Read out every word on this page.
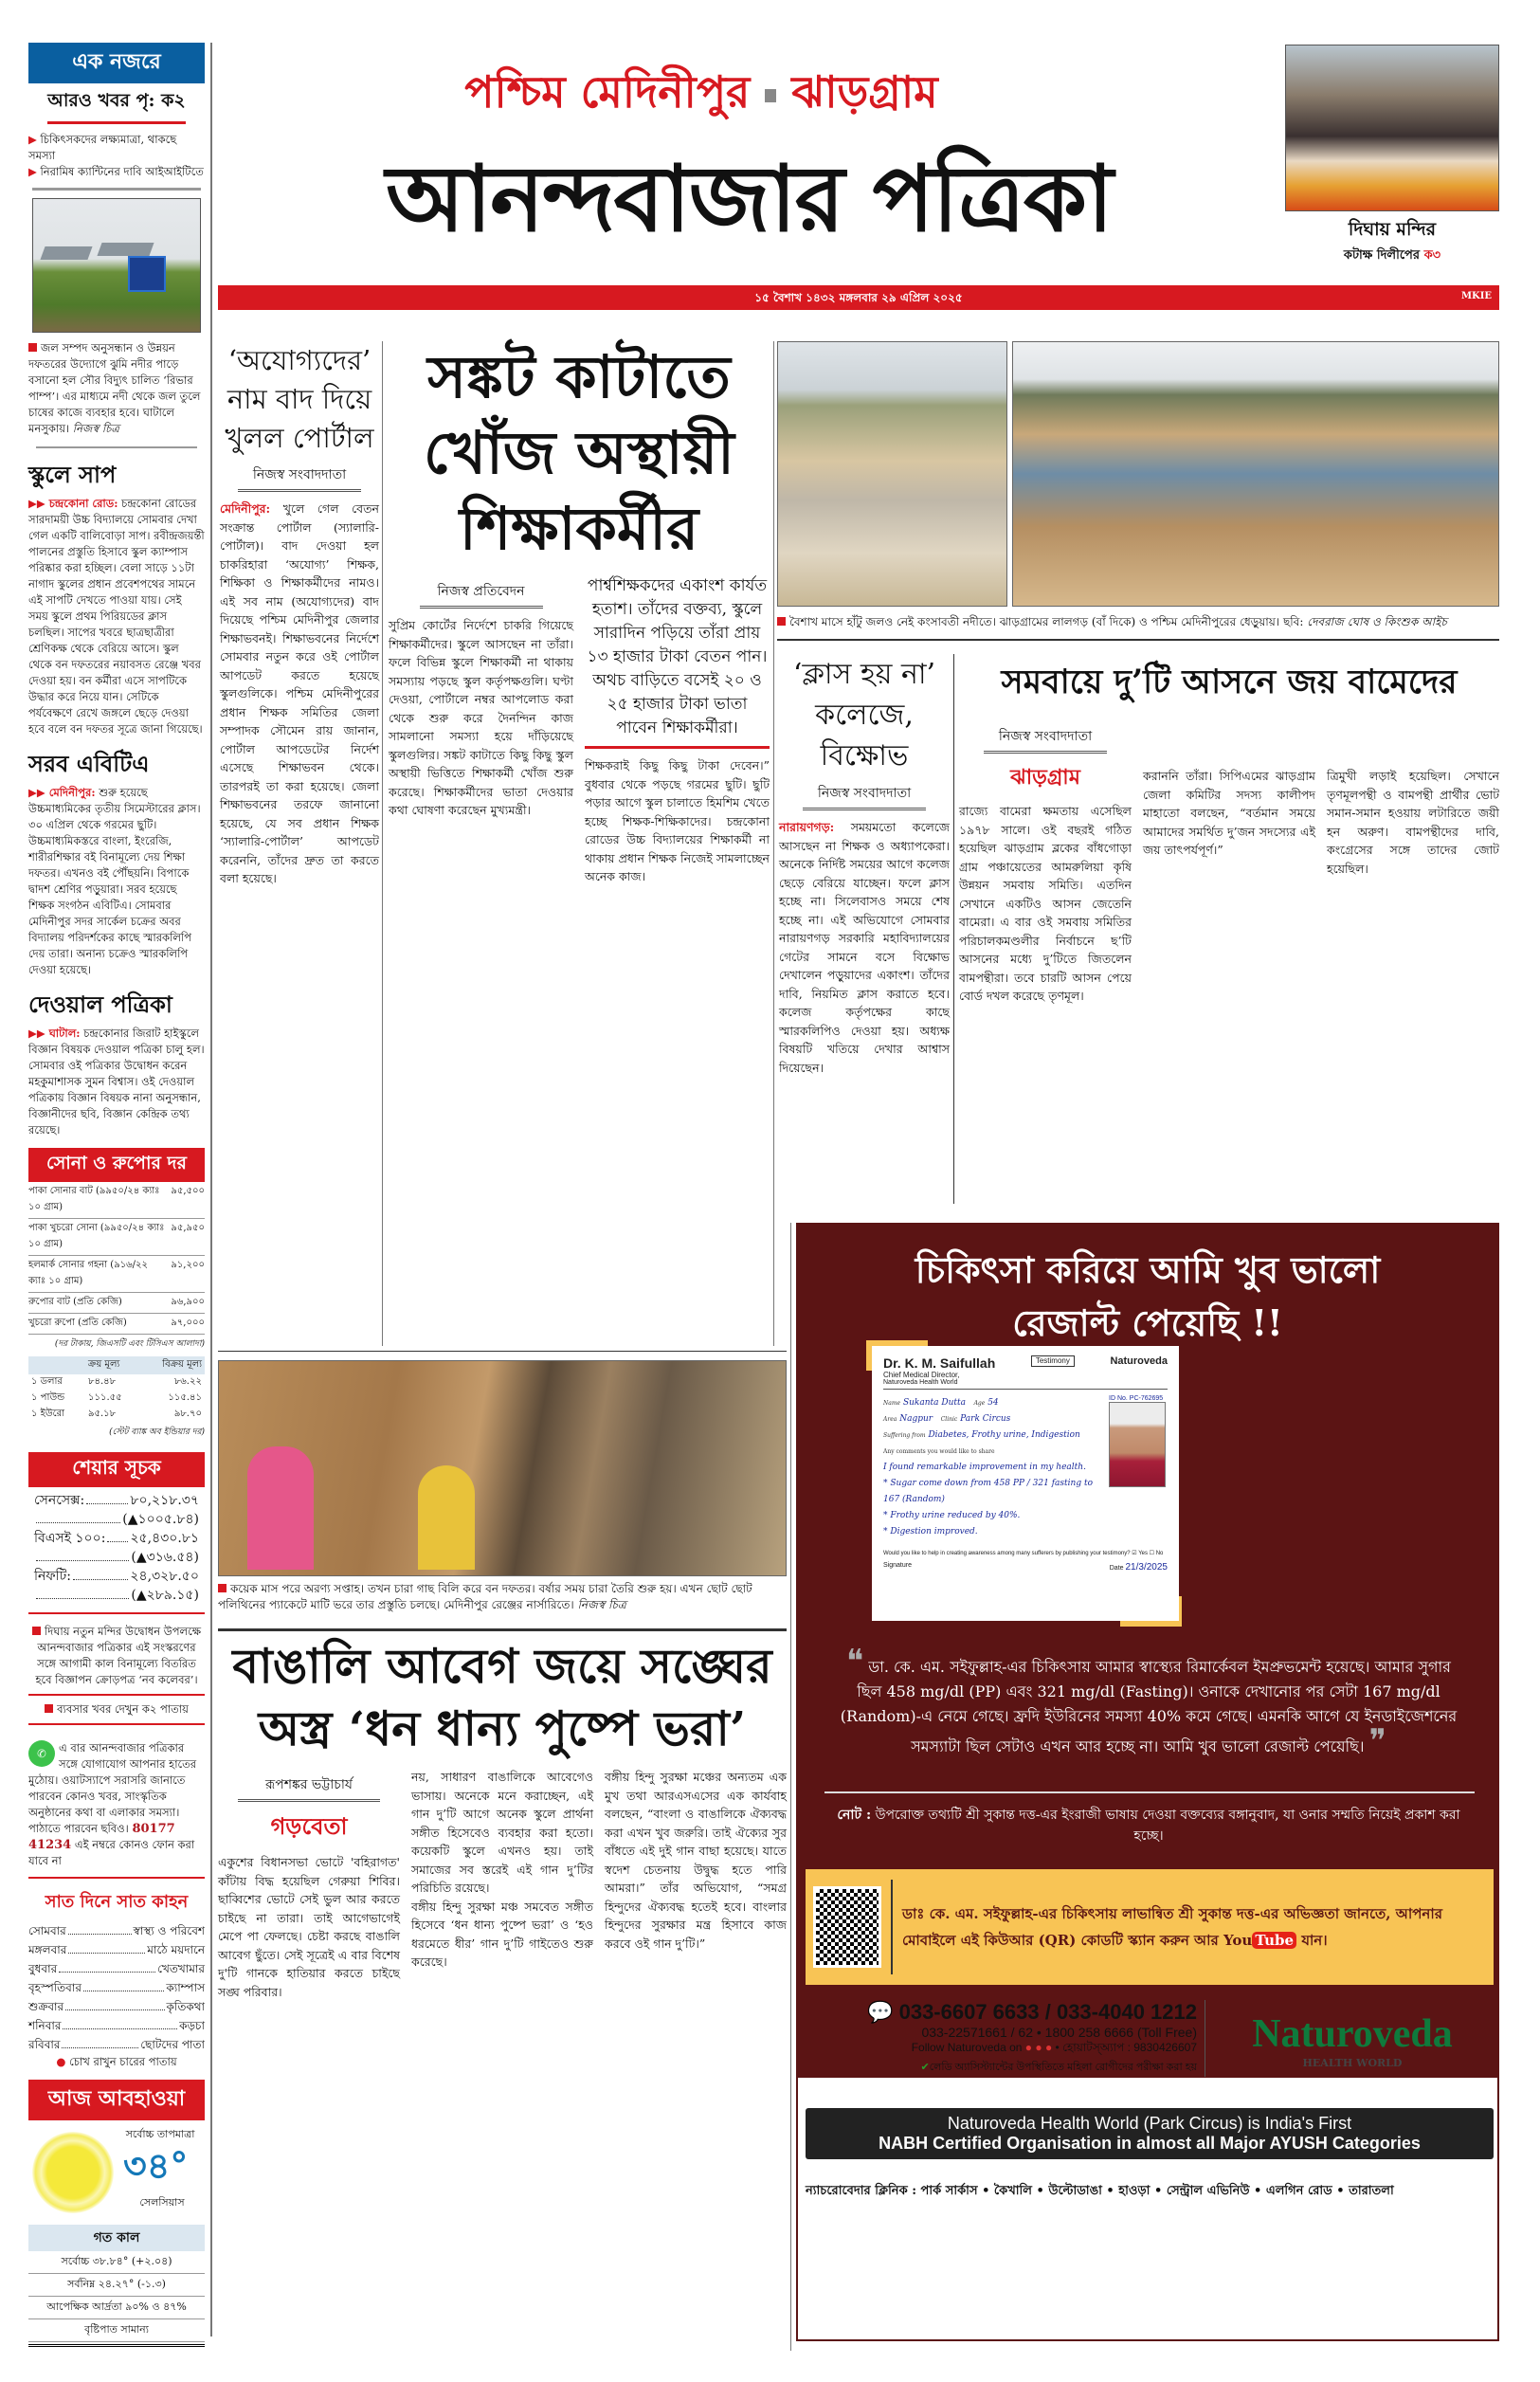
এক নজরে
আরও খবর পৃ: ক২
▶ চিকিৎসকদের লক্ষ্যমাত্রা, থাকছে সমস্যা
▶ নিরামিষ ক্যান্টিনের দাবি আইআইটিতে
জল সম্পদ অনুসন্ধান ও উন্নয়ন দফতরের উদ্যোগে ঝুমি নদীর পাড়ে বসানো হল সৌর বিদ্যুৎ চালিত ‘রিভার পাম্প’। এর মাধ্যমে নদী থেকে জল তুলে চাষের কাজে ব্যবহার হবে। ঘাটালে মনসুকায়। নিজস্ব চিত্র
স্কুলে সাপ
▶▶ চন্দ্রকোনা রোড: চন্দ্রকোনা রোডের সারদাময়ী উচ্চ বিদ্যালয়ে সোমবার দেখা গেল একটি বালিবোড়া সাপ। রবীন্দ্রজয়ন্তী পালনের প্রস্তুতি হিসাবে স্কুল ক্যাম্পাস পরিষ্কার করা হচ্ছিল। বেলা সাড়ে ১১টা নাগাদ স্কুলের প্রধান প্রবেশপথের সামনে এই সাপটি দেখতে পাওয়া যায়। সেই সময় স্কুলে প্রথম পিরিয়ডের ক্লাস চলছিল। সাপের খবরে ছাত্রছাত্রীরা শ্রেণিকক্ষ থেকে বেরিয়ে আসে। স্কুল থেকে বন দফতরের নয়াবসত রেঞ্জে খবর দেওয়া হয়। বন কর্মীরা এসে সাপটিকে উদ্ধার করে নিয়ে যান। সেটিকে পর্যবেক্ষণে রেখে জঙ্গলে ছেড়ে দেওয়া হবে বলে বন দফতর সূত্রে জানা গিয়েছে।
সরব এবিটিএ
▶▶ মেদিনীপুর: শুরু হয়েছে উচ্চমাধ্যমিকের তৃতীয় সিমেস্টারের ক্লাস। ৩০ এপ্রিল থেকে গরমের ছুটি। উচ্চমাধ্যমিকস্তরে বাংলা, ইংরেজি, শারীরশিক্ষার বই বিনামূল্যে দেয় শিক্ষা দফতর। এখনও বই পৌঁছয়নি। বিপাকে দ্বাদশ শ্রেণির পড়ুয়ারা। সরব হয়েছে শিক্ষক সংগঠন এবিটিএ। সোমবার মেদিনীপুর সদর সার্কেল চক্রের অবর বিদ্যালয় পরিদর্শকের কাছে স্মারকলিপি দেয় তারা। অনান্য চক্রেও স্মারকলিপি দেওয়া হয়েছে।
দেওয়াল পত্রিকা
▶▶ ঘাটাল: চন্দ্রকোনার জিরাট হাইস্কুলে বিজ্ঞান বিষয়ক দেওয়াল পত্রিকা চালু হল। সোমবার ওই পত্রিকার উদ্বোধন করেন মহকুমাশাসক সুমন বিশ্বাস। ওই দেওয়াল পত্রিকায় বিজ্ঞান বিষয়ক নানা অনুসন্ধান, বিজ্ঞানীদের ছবি, বিজ্ঞান কেন্দ্রিক তথ্য রয়েছে।
সোনা ও রুপোর দর
পাকা সোনার বাট (৯৯৫০/২৪ ক্যাঃ ১০ গ্রাম)
৯৫,৫০০
পাকা খুচরো সোনা (৯৯৫০/২৪ ক্যাঃ ১০ গ্রাম)
৯৫,৯৫০
হলমার্ক সোনার গহনা (৯১৬/২২ ক্যাঃ ১০ গ্রাম)
৯১,২০০
রুপোর বাট (প্রতি কেজি)	৯৬,৯০০
খুচরো রুপো (প্রতি কেজি)	৯৭,০০০
(দর টাকায়, জিএসটি এবং টিসিএস আলাদা)
ক্রয় মূল্য	বিক্রয় মূল্য
১ ডলার	৮৪.৪৮	৮৬.২২
১ পাউন্ড	১১১.৫৫	১১৫.৪১
১ ইউরো	৯৫.১৮	৯৮.৭০
(স্টেট ব্যাঙ্ক অব ইন্ডিয়ার দর)
শেয়ার সূচক
সেনসেক্স:	৮০,২১৮.৩৭
(▲১০০৫.৮৪)
বিএসই ১০০: ২৫,৪৩০.৮১
(▲৩১৬.৫৪)
নিফটি:	২৪,৩২৮.৫০
(▲২৮৯.১৫)
দিঘায় নতুন মন্দির উদ্বোধন উপলক্ষে আনন্দবাজার পত্রিকার এই সংস্করণের সঙ্গে আগামী কাল বিনামূল্যে বিতরিত হবে বিজ্ঞাপন ক্রোড়পত্র ‘নব কলেবর’।
ব্যবসার খবর দেখুন ক২ পাতায়
✆	এ বার আনন্দবাজার পত্রিকার সঙ্গে যোগাযোগ আপনার হাতের মুঠোয়। ওয়াটস্যাপে সরাসরি জানাতে পারবেন কোনও খবর, সাংস্কৃতিক অনুষ্ঠানের কথা বা এলাকার সমস্যা। পাঠাতে পারবেন ছবিও। 80177 41234 এই নম্বরে কোনও ফোন করা যাবে না
সাত দিনে সাত কাহন
সোমবার	স্বাস্থ্য ও পরিবেশ
মঙ্গলবার	মাঠে ময়দানে
বুধবার	খেতখামার
বৃহস্পতিবার	ক্যাম্পাস
শুক্রবার	কৃতিকথা
শনিবার	কড়চা
রবিবার	ছোটদের পাতা
● চোখ রাখুন চারের পাতায়
আজ আবহাওয়া
সর্বোচ্চ তাপমাত্রা
৩৪°
সেলসিয়াস
গত কাল
সর্বোচ্চ ৩৮.৮৪° (+২.০৪)
সর্বনিম্ন ২৪.২৭° (-১.৩)
আপেক্ষিক আর্দ্রতা ৯০% ও ৪৭%
বৃষ্টিপাত সামান্য
পশ্চিম মেদিনীপুর ঝাড়গ্রাম
আনন্দবাজার পত্রিকা	দিঘায় মন্দির
কটাক্ষ দিলীপের ক৩
১৫ বৈশাখ ১৪৩২ মঙ্গলবার ২৯ এপ্রিল ২০২৫	MKIE
‘অযোগ্যদের’ নাম বাদ দিয়ে খুলল পোর্টাল
নিজস্ব সংবাদদাতা
মেদিনীপুর: খুলে গেল বেতন সংক্রান্ত পোর্টাল (স্যালারি-পোর্টাল)। বাদ দেওয়া হল চাকরিহারা ‘অযোগ্য’ শিক্ষক, শিক্ষিকা ও শিক্ষাকর্মীদের নামও। এই সব নাম (অযোগ্যদের) বাদ দিয়েছে পশ্চিম মেদিনীপুর জেলার শিক্ষাভবনই। শিক্ষাভবনের নির্দেশে সোমবার নতুন করে ওই পোর্টাল আপডেট করতে হয়েছে স্কুলগুলিকে। পশ্চিম মেদিনীপুরের প্রধান শিক্ষক সমিতির জেলা সম্পাদক সৌমেন রায় জানান, পোর্টাল আপডেটের নির্দেশ এসেছে শিক্ষাভবন থেকে। তারপরই তা করা হয়েছে। জেলা শিক্ষাভবনের তরফে জানানো হয়েছে, যে সব প্রধান শিক্ষক ‘স্যালারি-পোর্টাল’ আপডেট করেননি, তাঁদের দ্রুত তা করতে বলা হয়েছে।
সঙ্কট কাটাতে খোঁজ অস্থায়ী শিক্ষাকর্মীর
নিজস্ব প্রতিবেদন
সুপ্রিম কোর্টের নির্দেশে চাকরি গিয়েছে শিক্ষাকর্মীদের। স্কুলে আসছেন না তাঁরা। ফলে বিভিন্ন স্কুলে শিক্ষাকর্মী না থাকায় সমস্যায় পড়ছে স্কুল কর্তৃপক্ষগুলি। ঘণ্টা দেওয়া, পোর্টালে নম্বর আপলোড করা থেকে শুরু করে দৈনন্দিন কাজ সামলানো সমস্যা হয়ে দাঁড়িয়েছে স্কুলগুলির। সঙ্কট কাটাতে কিছু কিছু স্কুল অস্থায়ী ভিত্তিতে শিক্ষাকর্মী খোঁজ শুরু করেছে। শিক্ষাকর্মীদের ভাতা দেওয়ার কথা ঘোষণা করেছেন মুখ্যমন্ত্রী।
পার্শ্বশিক্ষকদের একাংশ কার্যত হতাশ। তাঁদের বক্তব্য, স্কুলে সারাদিন পড়িয়ে তাঁরা প্রায় ১৩ হাজার টাকা বেতন পান। অথচ বাড়িতে বসেই ২০ ও ২৫ হাজার টাকা ভাতা পাবেন শিক্ষাকর্মীরা।
শিক্ষকরাই কিছু কিছু টাকা দেবেন।” বুধবার থেকে পড়ছে গরমের ছুটি। ছুটি পড়ার আগে স্কুল চালাতে হিমশিম খেতে হচ্ছে শিক্ষক-শিক্ষিকাদের। চন্দ্রকোনা রোডের উচ্চ বিদ্যালয়ের শিক্ষাকর্মী না থাকায় প্রধান শিক্ষক নিজেই সামলাচ্ছেন অনেক কাজ।
বৈশাখ মাসে হাঁটু জলও নেই কংসাবতী নদীতে। ঝাড়গ্রামের লালগড় (বাঁ দিকে) ও পশ্চিম মেদিনীপুরের ধেড়ুয়ায়। ছবি: দেবরাজ ঘোষ ও কিংশুক আইচ
‘ক্লাস হয় না’ কলেজে, বিক্ষোভ
নিজস্ব সংবাদদাতা
নারায়ণগড়: সময়মতো কলেজে আসছেন না শিক্ষক ও অধ্যাপকেরা। অনেকে নির্দিষ্ট সময়ের আগে কলেজ ছেড়ে বেরিয়ে যাচ্ছেন। ফলে ক্লাস হচ্ছে না। সিলেবাসও সময়ে শেষ হচ্ছে না। এই অভিযোগে সোমবার নারায়ণগড় সরকারি মহাবিদ্যালয়ের গেটের সামনে বসে বিক্ষোভ দেখালেন পড়ুয়াদের একাংশ। তাঁদের দাবি, নিয়মিত ক্লাস করাতে হবে। কলেজ কর্তৃপক্ষের কাছে স্মারকলিপিও দেওয়া হয়। অধ্যক্ষ বিষয়টি খতিয়ে দেখার আশ্বাস দিয়েছেন।
সমবায়ে দু’টি আসনে জয় বামেদের
নিজস্ব সংবাদদাতা
ঝাড়গ্রাম
রাজ্যে বামেরা ক্ষমতায় এসেছিল ১৯৭৮ সালে। ওই বছরই গঠিত হয়েছিল ঝাড়গ্রাম ব্লকের বাঁধগোড়া গ্রাম পঞ্চায়েতের আমরুলিয়া কৃষি উন্নয়ন সমবায় সমিতি। এতদিন সেখানে একটিও আসন জেতেনি বামেরা। এ বার ওই সমবায় সমিতির পরিচালকমণ্ডলীর নির্বাচনে ছ’টি আসনের মধ্যে দু’টিতে জিতলেন বামপন্থীরা। তবে চারটি আসন পেয়ে বোর্ড দখল করেছে তৃণমূল।
করাননি তাঁরা। সিপিএমের ঝাড়গ্রাম জেলা কমিটির সদস্য কালীপদ মাহাতো বলছেন, “বর্তমান সময়ে আমাদের সমর্থিত দু’জন সদস্যের এই জয় তাৎপর্যপূর্ণ।”
ত্রিমুখী লড়াই হয়েছিল। সেখানে তৃণমূলপন্থী ও বামপন্থী প্রার্থীর ভোট সমান-সমান হওয়ায় লটারিতে জয়ী হন অরুণ। বামপন্থীদের দাবি, কংগ্রেসের সঙ্গে তাদের জোট হয়েছিল।
কয়েক মাস পরে অরণ্য সপ্তাহ। তখন চারা গাছ বিলি করে বন দফতর। বর্ষার সময় চারা তৈরি শুরু হয়। এখন ছোট ছোট পলিথিনের প্যাকেটে মাটি ভরে তার প্রস্তুতি চলছে। মেদিনীপুর রেঞ্জের নার্সারিতে। নিজস্ব চিত্র
বাঙালি আবেগ জয়ে সঙ্ঘের
অস্ত্র ‘ধন ধান্য পুষ্পে ভরা’
রূপশঙ্কর ভট্টাচার্য
গড়বেতা
একুশের বিধানসভা ভোটে 'বহিরাগত' কাঁটায় বিদ্ধ হয়েছিল গেরুয়া শিবির। ছাব্বিশের ভোটে সেই ভুল আর করতে চাইছে না তারা। তাই আগেভাগেই মেপে পা ফেলছে। চেষ্টা করছে বাঙালি আবেগ ছুঁতে। সেই সূত্রেই এ বার বিশেষ দু'টি গানকে হাতিয়ার করতে চাইছে সঙ্ঘ পরিবার।
নয়, সাধারণ বাঙালিকে আবেগেও ভাসায়। অনেকে মনে করাচ্ছেন, এই গান দু’টি আগে অনেক স্কুলে প্রার্থনা সঙ্গীত হিসেবেও ব্যবহার করা হতো। কয়েকটি স্কুলে এখনও হয়। তাই সমাজের সব স্তরেই এই গান দু’টির পরিচিতি রয়েছে।
বঙ্গীয় হিন্দু সুরক্ষা মঞ্চ সমবেত সঙ্গীত হিসেবে ‘ধন ধান্য পুষ্পে ভরা’ ও ‘হও ধরমেতে ধীর’ গান দু’টি গাইতেও শুরু করেছে।
বঙ্গীয় হিন্দু সুরক্ষা মঞ্চের অন্যতম এক মুখ তথা আরএসএসের এক কার্যবাহ বলছেন, “বাংলা ও বাঙালিকে ঐক্যবদ্ধ করা এখন খুব জরুরি। তাই ঐক্যের সুর বাঁধতে এই দুই গান বাছা হয়েছে। যাতে স্বদেশ চেতনায় উদ্বুদ্ধ হতে পারি আমরা।” তাঁর অভিযোগ, “সমগ্র হিন্দুদের ঐক্যবদ্ধ হতেই হবে। বাংলার হিন্দুদের সুরক্ষার মন্ত্র হিসাবে কাজ করবে ওই গান দু’টি।”
চিকিৎসা করিয়ে আমি খুব ভালো
রেজাল্ট পেয়েছি !!
Dr. K. M. Saifullah
Chief Medical Director,
Naturoveda Health World
Testimony	Naturoveda
Name Sukanta Dutta Age 54
Area Nagpur Clinic Park Circus
Suffering from Diabetes, Frothy urine, Indigestion
Any comments you would like to share
I found remarkable improvement in my health.
* Sugar come down from 458 PP / 321 fasting to 167 (Random)
* Frothy urine reduced by 40%.
* Digestion improved.
ID No. PC-762695
Would you like to help in creating awareness among many sufferers by publishing your testimony? ☑ Yes ☐ No
Signature	Date 21/3/2025
❝ ডা. কে. এম. সইফুল্লাহ-এর চিকিৎসায় আমার স্বাস্থ্যের রিমার্কেবল ইমপ্রুভমেন্ট হয়েছে। আমার সুগার ছিল 458 mg/dl (PP) এবং 321 mg/dl (Fasting)। ওনাকে দেখানোর পর সেটা 167 mg/dl (Random)-এ নেমে গেছে। ফ্রদি ইউরিনের সমস্যা 40% কমে গেছে। এমনকি আগে যে ইনডাইজেশনের সমস্যাটা ছিল সেটাও এখন আর হচ্ছে না। আমি খুব ভালো রেজাল্ট পেয়েছি। ❞
নোট : উপরোক্ত তথ্যটি শ্রী সুকান্ত দত্ত-এর ইংরাজী ভাষায় দেওয়া বক্তব্যের বঙ্গানুবাদ, যা ওনার সম্মতি নিয়েই প্রকাশ করা হচ্ছে।
ডাঃ কে. এম. সইফুল্লাহ-এর চিকিৎসায় লাভান্বিত শ্রী সুকান্ত দত্ত-এর অভিজ্ঞতা জানতে, আপনার মোবাইলে এই কিউআর (QR) কোডটি স্ক্যান করুন আর You Tube যান।
💬 033-6607 6633 / 033-4040 1212
033-22571661 / 62 • 1800 258 6666 (Toll Free)
Follow Naturoveda on ● ● ● • হোয়াটস্অ্যাপ : 9830426607
✔লেডি অ্যাসিস্ট্যান্টের উপস্থিতিতে মহিলা রোগীদের পরীক্ষা করা হয়
Naturoveda
HEALTH WORLD
Naturoveda Health World (Park Circus) is India's First
NABH Certified Organisation in almost all Major AYUSH Categories
ন্যাচরোবেদার ক্লিনিক : পার্ক সার্কাস • কৈখালি • উল্টোডাঙা • হাওড়া • সেন্ট্রাল এভিনিউ • এলগিন রোড • তারাতলা
